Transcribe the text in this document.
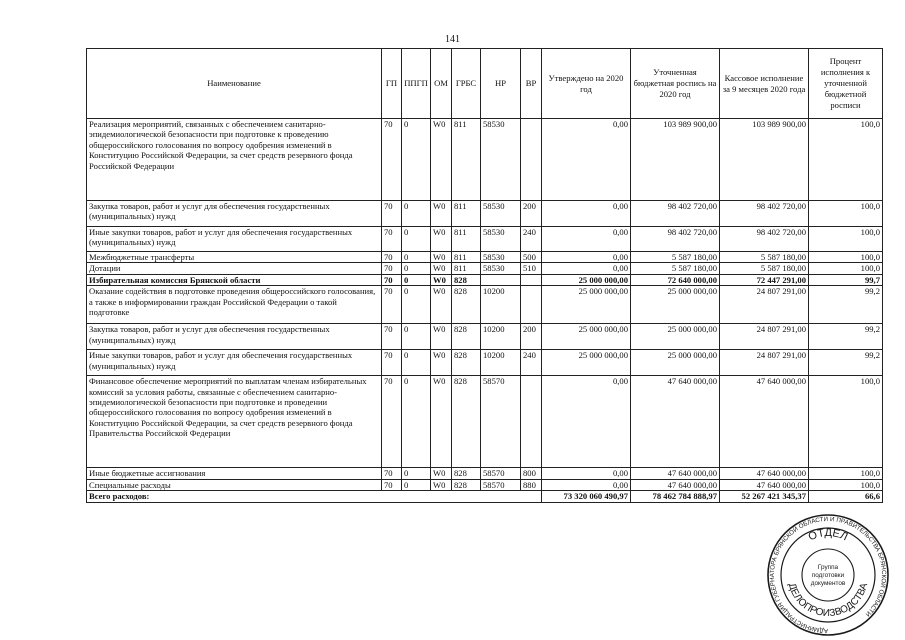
141
Наименование	ГП	ППГП	ОМ	ГРБС	НР	ВР	Утверждено на 2020 год	Уточненная бюджетная роспись на 2020 год	Кассовое исполнение за 9 месяцев 2020 года	Процент исполнения к уточненной бюджетной росписи
Реализация мероприятий, связанных с обеспечением санитарно-эпидемиологической безопасности при подготовке к проведению общероссийского голосования по вопросу одобрения изменений в Конституцию Российской Федерации, за счет средств резервного фонда Российской Федерации	70	0	W0	811	58530		0,00	103 989 900,00	103 989 900,00	100,0
Закупка товаров, работ и услуг для обеспечения государственных (муниципальных) нужд	70	0	W0	811	58530	200	0,00	98 402 720,00	98 402 720,00	100,0
Иные закупки товаров, работ и услуг для обеспечения государственных (муниципальных) нужд	70	0	W0	811	58530	240	0,00	98 402 720,00	98 402 720,00	100,0
Межбюджетные трансферты	70	0	W0	811	58530	500	0,00	5 587 180,00	5 587 180,00	100,0
Дотации	70	0	W0	811	58530	510	0,00	5 587 180,00	5 587 180,00	100,0
Избирательная комиссия Брянской области	70	0	W0	828			25 000 000,00	72 640 000,00	72 447 291,00	99,7
Оказание содействия в подготовке проведения общероссийского голосования, а также в информировании граждан Российской Федерации о такой подготовке	70	0	W0	828	10200		25 000 000,00	25 000 000,00	24 807 291,00	99,2
Закупка товаров, работ и услуг для обеспечения государственных (муниципальных) нужд	70	0	W0	828	10200	200	25 000 000,00	25 000 000,00	24 807 291,00	99,2
Иные закупки товаров, работ и услуг для обеспечения государственных (муниципальных) нужд	70	0	W0	828	10200	240	25 000 000,00	25 000 000,00	24 807 291,00	99,2
Финансовое обеспечение мероприятий по выплатам членам избирательных комиссий за условия работы, связанные с обеспечением санитарно-эпидемиологической безопасности при подготовке и проведении общероссийского голосования по вопросу одобрения изменений в Конституцию Российской Федерации, за счет средств резервного фонда Правительства Российской Федерации	70	0	W0	828	58570		0,00	47 640 000,00	47 640 000,00	100,0
Иные бюджетные ассигнования	70	0	W0	828	58570	800	0,00	47 640 000,00	47 640 000,00	100,0
Специальные расходы	70	0	W0	828	58570	880	0,00	47 640 000,00	47 640 000,00	100,0
Всего расходов:							73 320 060 490,97	78 462 784 888,97	52 267 421 345,37	66,6
АДМИНИСТРАЦИЯ ГУБЕРНАТОРА БРЯНСКОЙ ОБЛАСТИ И ПРАВИТЕЛЬСТВА БРЯНСКОЙ ОБЛАСТИ
ОТДЕЛ
ДЕЛОПРОИЗВОДСТВА
Группа
подготовки
документов
